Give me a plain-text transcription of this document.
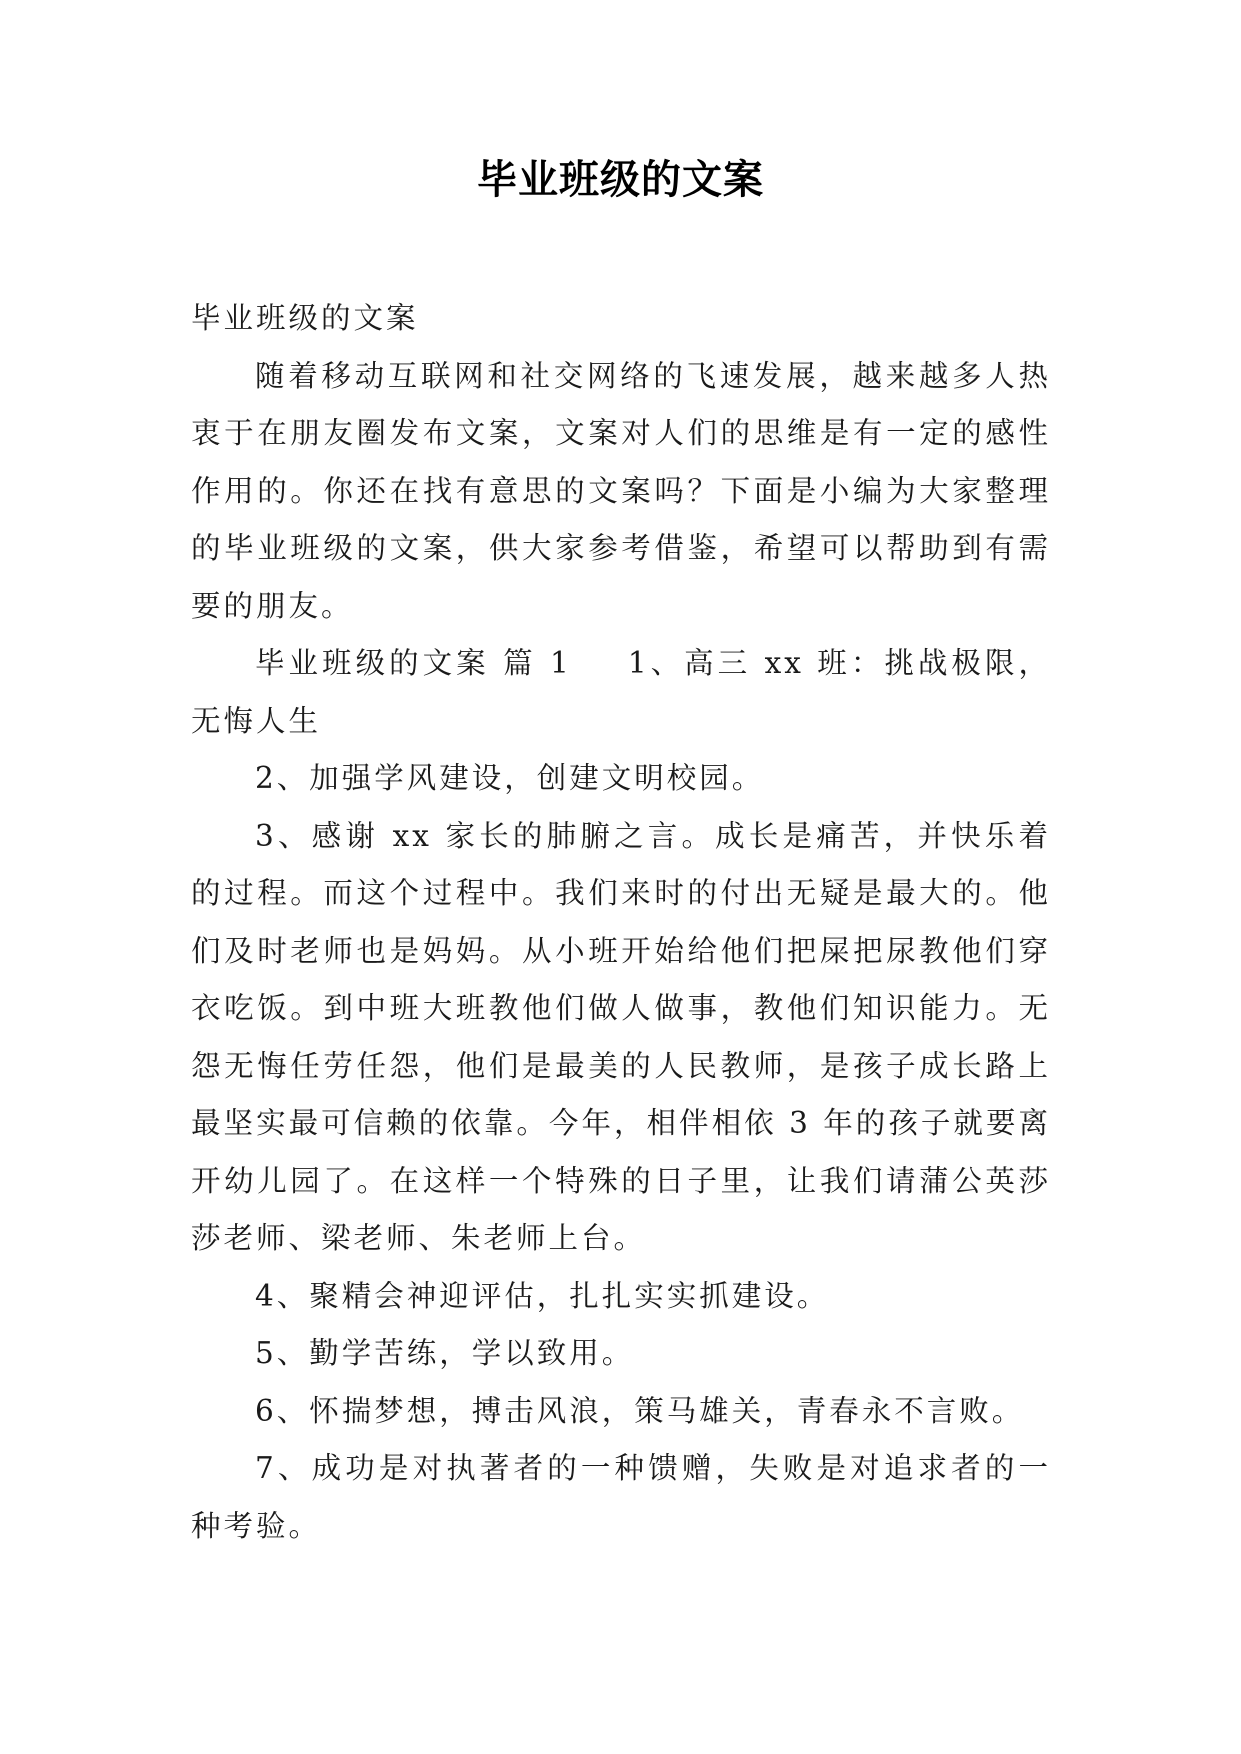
毕业班级的文案

毕业班级的文案

随着移动互联网和社交网络的飞速发展，越来越多人热衷于在朋友圈发布文案，文案对人们的思维是有一定的感性作用的。你还在找有意思的文案吗？下面是小编为大家整理的毕业班级的文案，供大家参考借鉴，希望可以帮助到有需要的朋友。

毕业班级的文案 篇 1 1、高三 xx 班：挑战极限，无悔人生

2、加强学风建设，创建文明校园。

3、感谢 xx 家长的肺腑之言。成长是痛苦，并快乐着的过程。而这个过程中。我们来时的付出无疑是最大的。他们及时老师也是妈妈。从小班开始给他们把屎把尿教他们穿衣吃饭。到中班大班教他们做人做事，教他们知识能力。无怨无悔任劳任怨，他们是最美的人民教师，是孩子成长路上最坚实最可信赖的依靠。今年，相伴相依 3 年的孩子就要离开幼儿园了。在这样一个特殊的日子里，让我们请蒲公英莎莎老师、梁老师、朱老师上台。

4、聚精会神迎评估，扎扎实实抓建设。

5、勤学苦练，学以致用。

6、怀揣梦想，搏击风浪，策马雄关，青春永不言败。

7、成功是对执著者的一种馈赠，失败是对追求者的一种考验。
